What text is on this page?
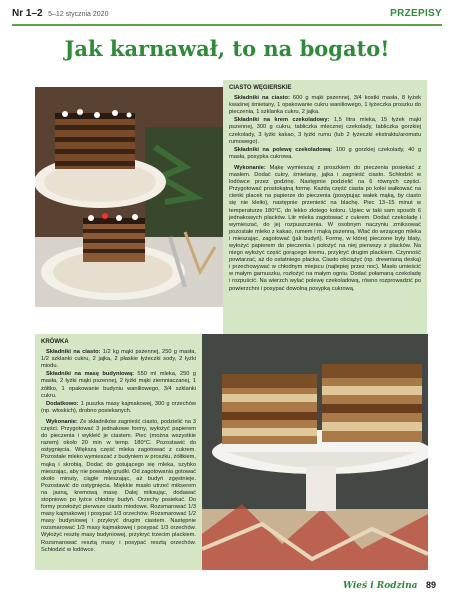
Nr 1–2 5–12 stycznia 2020	PRZEPISY
Jak karnawał, to na bogato!
CIASTO WĘGIERSKIE

Składniki na ciasto: 600 g mąki pszennej, 3/4 kostki masła, 8 łyżek kwaśnej śmietany, 1 opakowanie cukru waniliowego, 1 łyżeczka proszku do pieczenia, 1 szklanka cukru, 2 jajka.

Składniki na krem czekoladowy: 1,5 litra mleka, 15 łyżek mąki pszennej, 300 g cukru, tabliczka mlecznej czekolady, tabliczka gorzkiej czekolady, 3 łyżki kakao, 3 łyżki rumu (lub 2 łyżeczki ekstraktu/aromatu rumowego).

Składniki na polewę czekoladową: 100 g gorzkiej czekolady, 40 g masła, posypka cukrowa.

Wykonanie: Mąkę wymieszaj z proszkiem do pieczenia posiekać z masłem. Dodać cukry, śmietanę, jajka i zagnieść ciasto. Schłodzić w lodówce przez godzinę. Następnie podzielić na 6 równych części. Przygotować prostokątną formę. Każdą część ciasta po kolei wałkować na cienki placek na papierze do pieczenia (posypując wałek mąką, by ciasto się nie kleiło), następnie przenieść na blachę. Piec 13–15 minut w temperaturze 180°C, do lekko złotego koloru. Upiec w taki sam sposób 6 jednakowych placków. Litr mleka zagotować z cukrem. Dodać czekoladę i wymieszać, do jej rozpuszczenia. W osobnym naczyniu zmiksować pozostałe mleko z kakao, rumem i mąką pszenną. Wlać do wrzącego mleka i mieszając, zagotować (jak budyń). Formę, w której pieczone były blaty, wyłożyć papierem do pieczenia i położyć na niej pierwszy z placków. Na niego wyłożyć część gorącego kremu, przykryć drugim plackiem. Czynność powtarzać, aż do ostatniego placka. Ciasto obciążyć (np. drewnianą deską) i przechowywać w chłodnym miejscu (najlepiej przez noc). Masło umieścić w małym garnuszku, rozłożyć na małym ogniu. Dodać połamaną czekoladę i rozpuścić. Na wierzch wylać polewę czekoladową, równo rozprowadzić po powierzchni i posypać dowolną posypką cukrową.

KRÓWKA

Składniki na ciasto: 1/2 kg mąki pszennej, 250 g masła, 1/2 szklanki cukru, 2 jajka, 2 płaskie łyżeczki sody, 2 łyżki miodu.

Składniki na masę budyniową: 550 ml mleka, 250 g masła, 2 łyżki mąki pszennej, 2 łyżki mąki ziemniaczanej, 1 żółtko, 1 opakowanie budyniu waniliowego, 3/4 szklanki cukru.

Dodatkowo: 1 puszka masy kajmakowej, 300 g orzechów (np. włoskich), drobno posiekanych.

Wykonanie: Ze składników zagnieść ciasto, podzielić na 3 części. Przygotować 3 jednakowe formy, wyłożyć papierem do pieczenia i wykleić je ciastem. Piec (można wszystkie razem) około 20 min w temp. 180°C. Pozostawić do ostygnięcia. Większą część mleka zagotować z cukrem. Pozostałe mleko wymieszać z budyniem w proszku, żółtkiem, mąką i skrobią. Dodać do gotującego się mleka, szybko mieszając, aby nie powstały grudki. Od zagotowania gotować około minuty, ciągle mieszając, aż budyń zgęstnieje. Pozostawić do ostygnięcia. Miękkie masło utrzeć mikserem na jasną, kremową masę. Dalej miksując, dodawać stopniowo po łyżce chłodny budyń. Orzechy posiekać. Do formy przełożyć pierwsze ciasto miodowe. Rozsmarować 1/3 masy kajmakowej i posypać 1/3 orzechów. Rozsmarować 1/2 masy budyniowej i przykryć drugim ciastem. Następnie rozsmarować 1/3 masy kajmakowej i posypać 1/3 orzechów. Wyłożyć resztę masy budyniowej, przykryć trzecim plackiem. Rozsmarować resztą masy i posypać resztą orzechów. Schłodzić w lodówce.

Wieś i Rodzina 89
